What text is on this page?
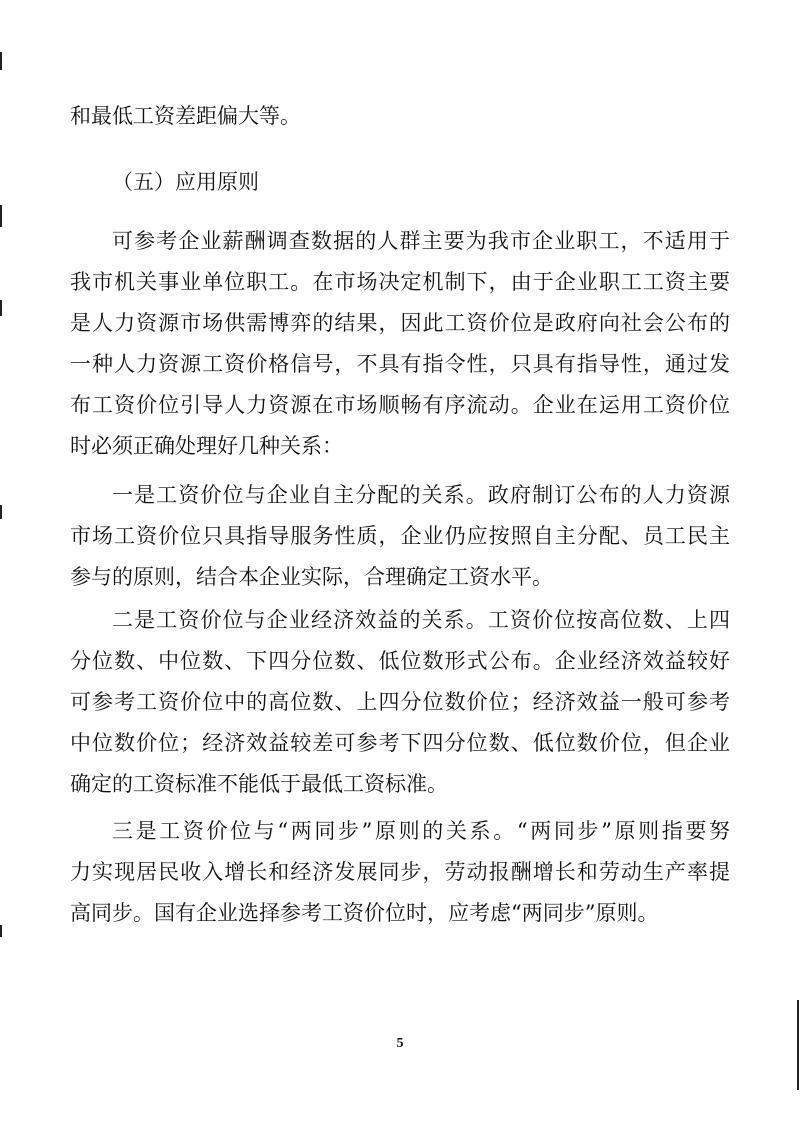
和最低工资差距偏大等。
（五）应用原则
可参考企业薪酬调查数据的人群主要为我市企业职工，不适用于
我市机关事业单位职工。在市场决定机制下，由于企业职工工资主要
是人力资源市场供需博弈的结果，因此工资价位是政府向社会公布的
一种人力资源工资价格信号，不具有指令性，只具有指导性，通过发
布工资价位引导人力资源在市场顺畅有序流动。企业在运用工资价位
时必须正确处理好几种关系：
一是工资价位与企业自主分配的关系。政府制订公布的人力资源
市场工资价位只具指导服务性质，企业仍应按照自主分配、员工民主
参与的原则，结合本企业实际，合理确定工资水平。
二是工资价位与企业经济效益的关系。工资价位按高位数、上四
分位数、中位数、下四分位数、低位数形式公布。企业经济效益较好
可参考工资价位中的高位数、上四分位数价位；经济效益一般可参考
中位数价位；经济效益较差可参考下四分位数、低位数价位，但企业
确定的工资标准不能低于最低工资标准。
三是工资价位与“两同步”原则的关系。“两同步”原则指要努
力实现居民收入增长和经济发展同步，劳动报酬增长和劳动生产率提
高同步。国有企业选择参考工资价位时，应考虑“两同步”原则。
5
